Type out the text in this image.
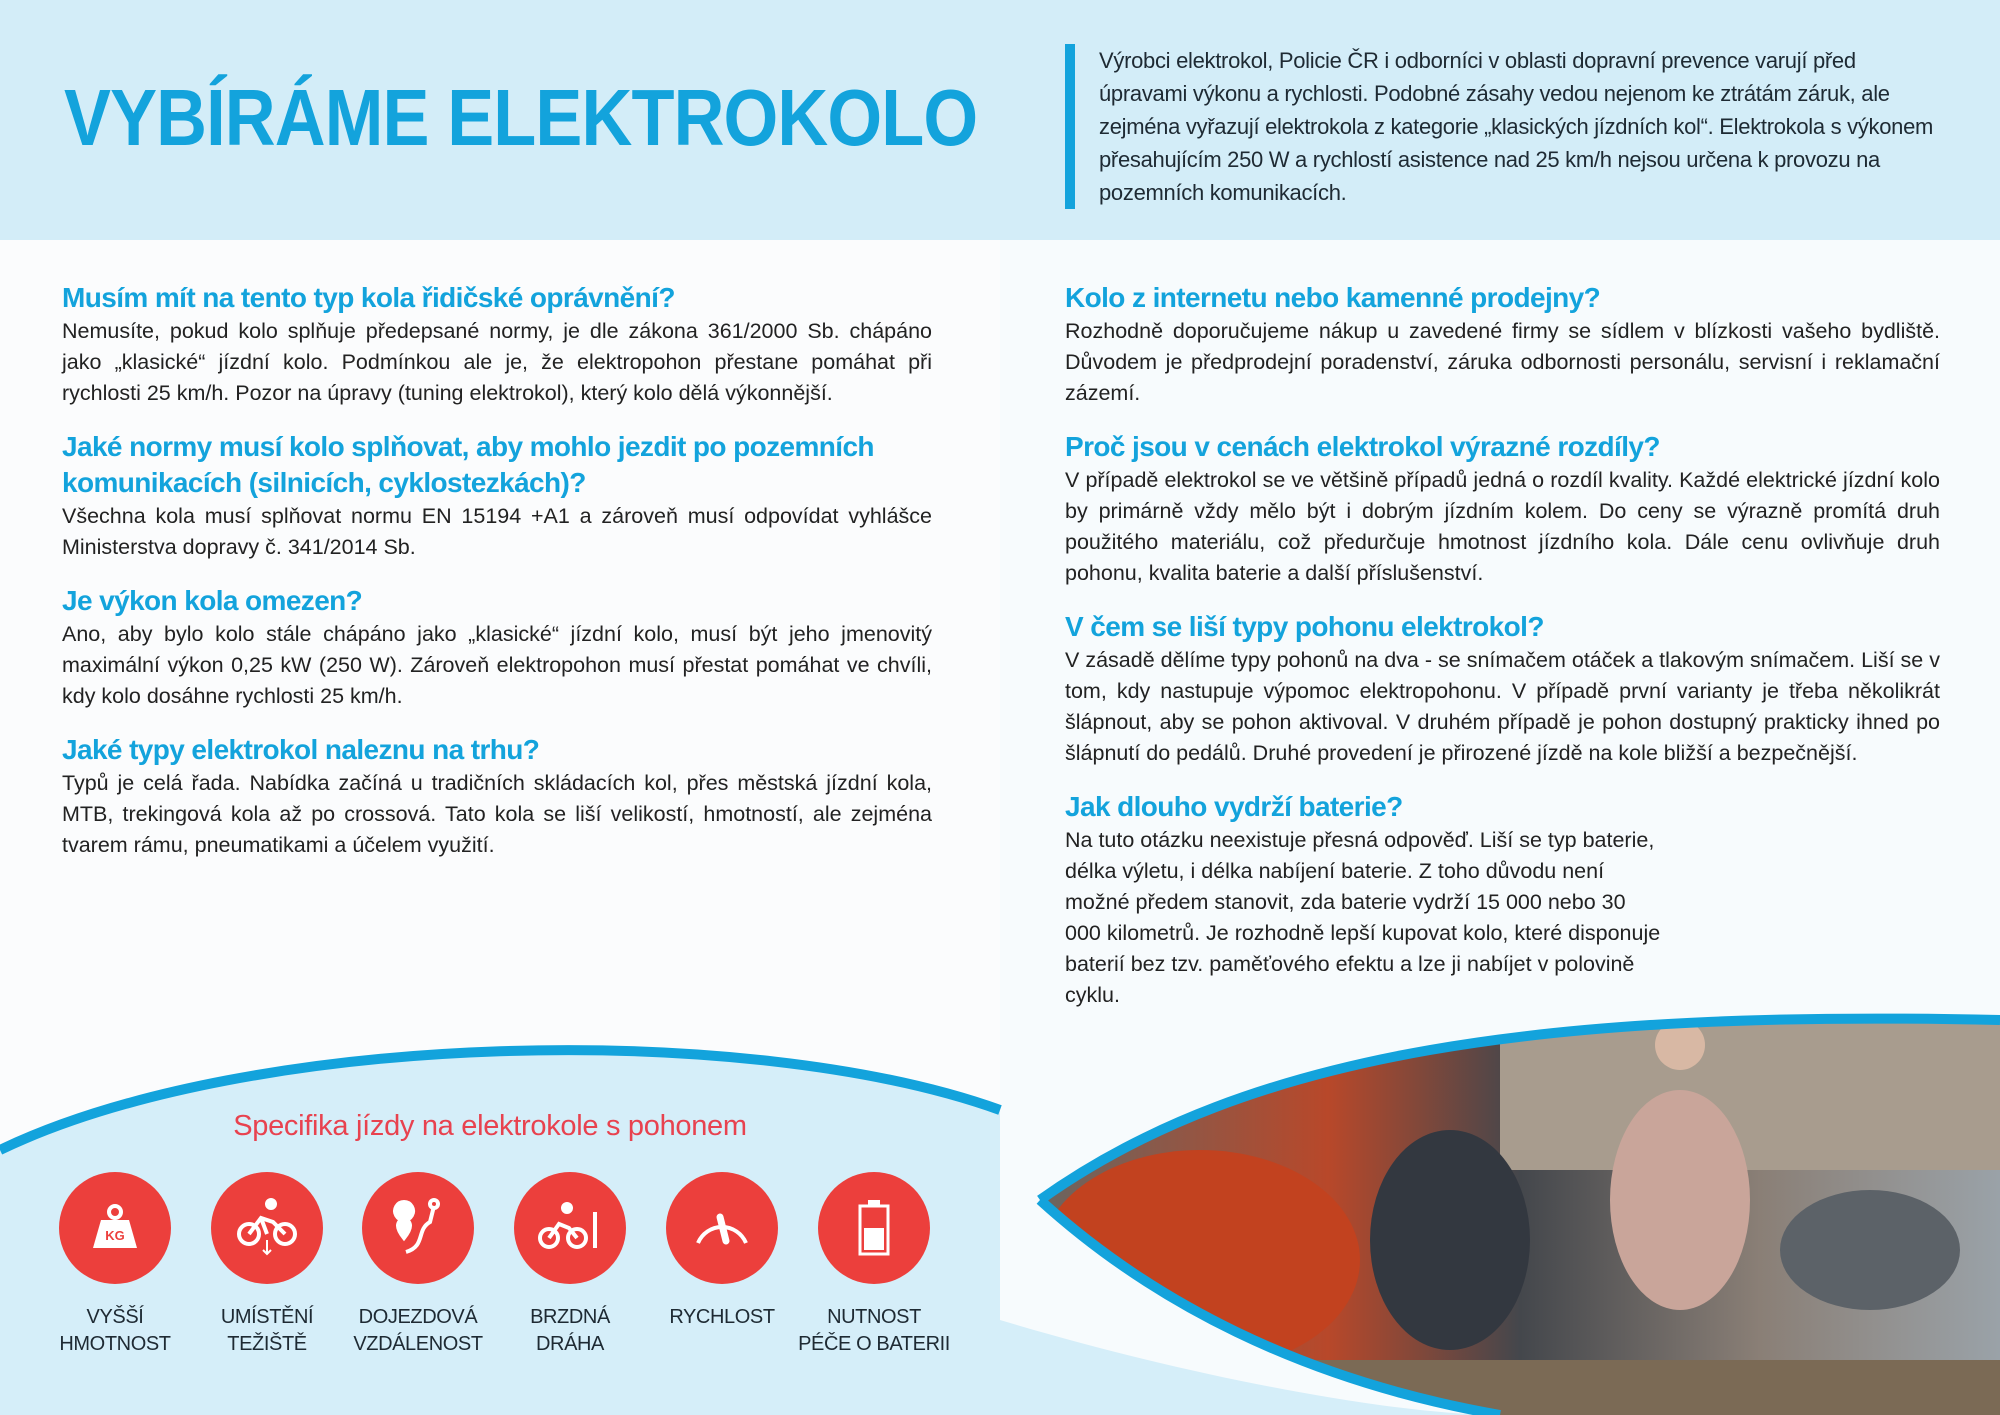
VYBÍRÁME ELEKTROKOLO

Výrobci elektrokol, Policie ČR i odborníci v oblasti dopravní prevence varují před úpravami výkonu a rychlosti. Podobné zásahy vedou nejenom ke ztrátám záruk, ale zejména vyřazují elektrokola z kategorie „klasických jízdních kol“. Elektrokola s výkonem přesahujícím 250 W a rychlostí asistence nad 25 km/h nejsou určena k provozu na pozemních komunikacích.

Musím mít na tento typ kola řidičské oprávnění?

Nemusíte, pokud kolo splňuje předepsané normy, je dle zákona 361/2000 Sb. chápáno jako „klasické“ jízdní kolo. Podmínkou ale je, že elektropohon přestane pomáhat při rychlosti 25 km/h. Pozor na úpravy (tuning elektrokol), který kolo dělá výkonnější.

Jaké normy musí kolo splňovat, aby mohlo jezdit po pozemních komunikacích (silnicích, cyklostezkách)?

Všechna kola musí splňovat normu EN 15194 +A1 a zároveň musí odpovídat vyhlášce Ministerstva dopravy č. 341/2014 Sb.

Je výkon kola omezen?

Ano, aby bylo kolo stále chápáno jako „klasické“ jízdní kolo, musí být jeho jmenovitý maximální výkon 0,25 kW (250 W). Zároveň elektropohon musí přestat pomáhat ve chvíli, kdy kolo dosáhne rychlosti 25 km/h.

Jaké typy elektrokol naleznu na trhu?

Typů je celá řada. Nabídka začíná u tradičních skládacích kol, přes městská jízdní kola, MTB, trekingová kola až po crossová. Tato kola se liší velikostí, hmotností, ale zejména tvarem rámu, pneumatikami a účelem využití.

Kolo z internetu nebo kamenné prodejny?

Rozhodně doporučujeme nákup u zavedené firmy se sídlem v blízkosti vašeho bydliště. Důvodem je předprodejní poradenství, záruka odbornosti personálu, servisní i reklamační zázemí.

Proč jsou v cenách elektrokol výrazné rozdíly?

V případě elektrokol se ve většině případů jedná o rozdíl kvality. Každé elektrické jízdní kolo by primárně vždy mělo být i dobrým jízdním kolem. Do ceny se výrazně promítá druh použitého materiálu, což předurčuje hmotnost jízdního kola. Dále cenu ovlivňuje druh pohonu, kvalita baterie a další příslušenství.

V čem se liší typy pohonu elektrokol?

V zásadě dělíme typy pohonů na dva - se snímačem otáček a tlakovým snímačem. Liší se v tom, kdy nastupuje výpomoc elektropohonu. V případě první varianty je třeba několikrát šlápnout, aby se pohon aktivoval. V druhém případě je pohon dostupný prakticky ihned po šlápnutí do pedálů. Druhé provedení je přirozené jízdě na kole bližší a bezpečnější.

Jak dlouho vydrží baterie?

Na tuto otázku neexistuje přesná odpověď. Liší se typ baterie, délka výletu, i délka nabíjení baterie. Z toho důvodu není možné předem stanovit, zda baterie vydrží 15 000 nebo 30 000 kilometrů. Je rozhodně lepší kupovat kolo, které disponuje baterií bez tzv. paměťového efektu a lze ji nabíjet v polovině cyklu.

Specifika jízdy na elektrokole s pohonem
KG
VYŠŠÍ
HMOTNOST
UMÍSTĚNÍ
TEŽIŠTĚ
DOJEZDOVÁ
VZDÁLENOST
BRZDNÁ
DRÁHA
RYCHLOST	NUTNOST
PÉČE O BATERII
